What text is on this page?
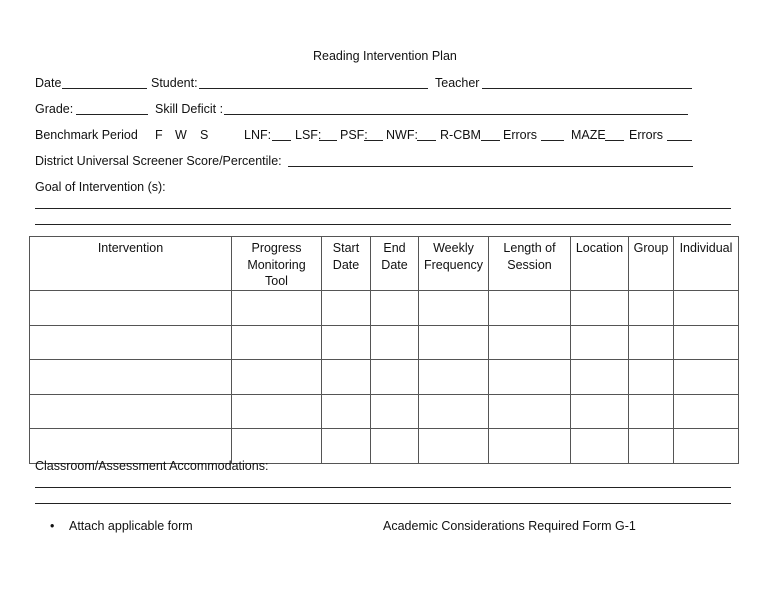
Reading Intervention Plan
Date	Student:	Teacher
Grade:	Skill Deficit :
Benchmark Period F W S	LNF: LSF: PSF: NWF: R-CBM Errors	MAZE Errors
District Universal Screener Score/Percentile:
Goal of Intervention (s):
Intervention	Progress Monitoring Tool	Start Date	End Date	Weekly Frequency	Length of Session	Location	Group	Individual

Classroom/Assessment Accommodations:
• Attach applicable form	Academic Considerations Required Form G-1
